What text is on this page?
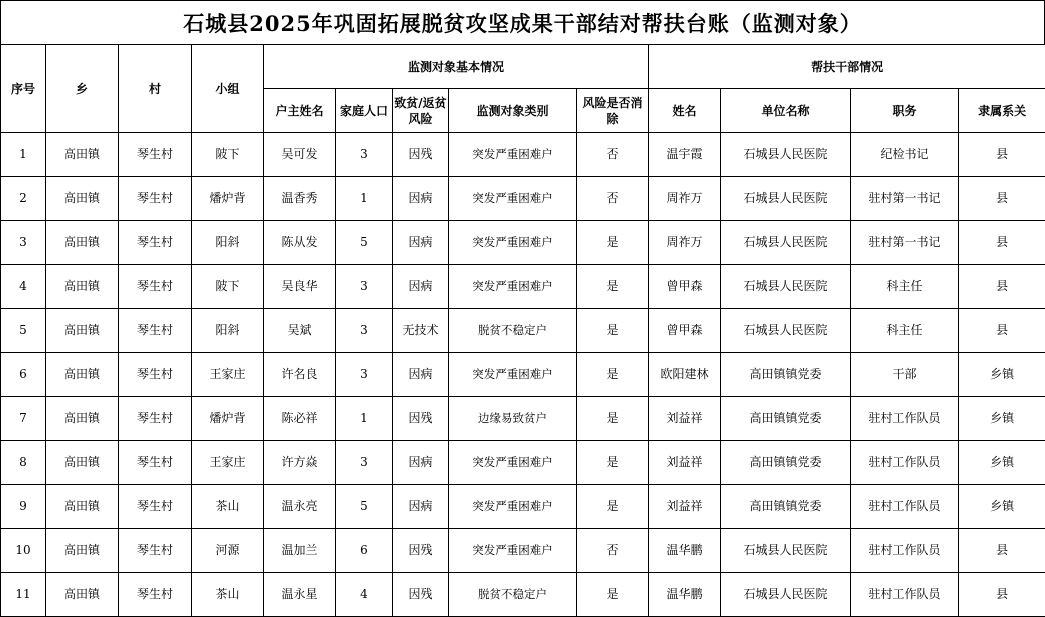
石城县2025年巩固拓展脱贫攻坚成果干部结对帮扶台账（监测对象）
序号	乡	村	小组	监测对象基本情况					帮扶干部情况			
				户主姓名	家庭人口	致贫/返贫风险	监测对象类别	风险是否消除	姓名	单位名称	职务	隶属系关
1	高田镇	琴生村	陂下	吴可发	3	因残	突发严重困难户	否	温宇霞	石城县人民医院	纪检书记	县
2	高田镇	琴生村	燔炉背	温香秀	1	因病	突发严重困难户	否	周祚万	石城县人民医院	驻村第一书记	县
3	高田镇	琴生村	阳斜	陈从发	5	因病	突发严重困难户	是	周祚万	石城县人民医院	驻村第一书记	县
4	高田镇	琴生村	陂下	吴良华	3	因病	突发严重困难户	是	曾甲森	石城县人民医院	科主任	县
5	高田镇	琴生村	阳斜	吴斌	3	无技术	脱贫不稳定户	是	曾甲森	石城县人民医院	科主任	县
6	高田镇	琴生村	王家庄	许名良	3	因病	突发严重困难户	是	欧阳建林	高田镇镇党委	干部	乡镇
7	高田镇	琴生村	燔炉背	陈必祥	1	因残	边缘易致贫户	是	刘益祥	高田镇镇党委	驻村工作队员	乡镇
8	高田镇	琴生村	王家庄	许方焱	3	因病	突发严重困难户	是	刘益祥	高田镇镇党委	驻村工作队员	乡镇
9	高田镇	琴生村	茶山	温永亮	5	因病	突发严重困难户	是	刘益祥	高田镇镇党委	驻村工作队员	乡镇
10	高田镇	琴生村	河源	温加兰	6	因残	突发严重困难户	否	温华鹏	石城县人民医院	驻村工作队员	县
11	高田镇	琴生村	茶山	温永星	4	因残	脱贫不稳定户	是	温华鹏	石城县人民医院	驻村工作队员	县
